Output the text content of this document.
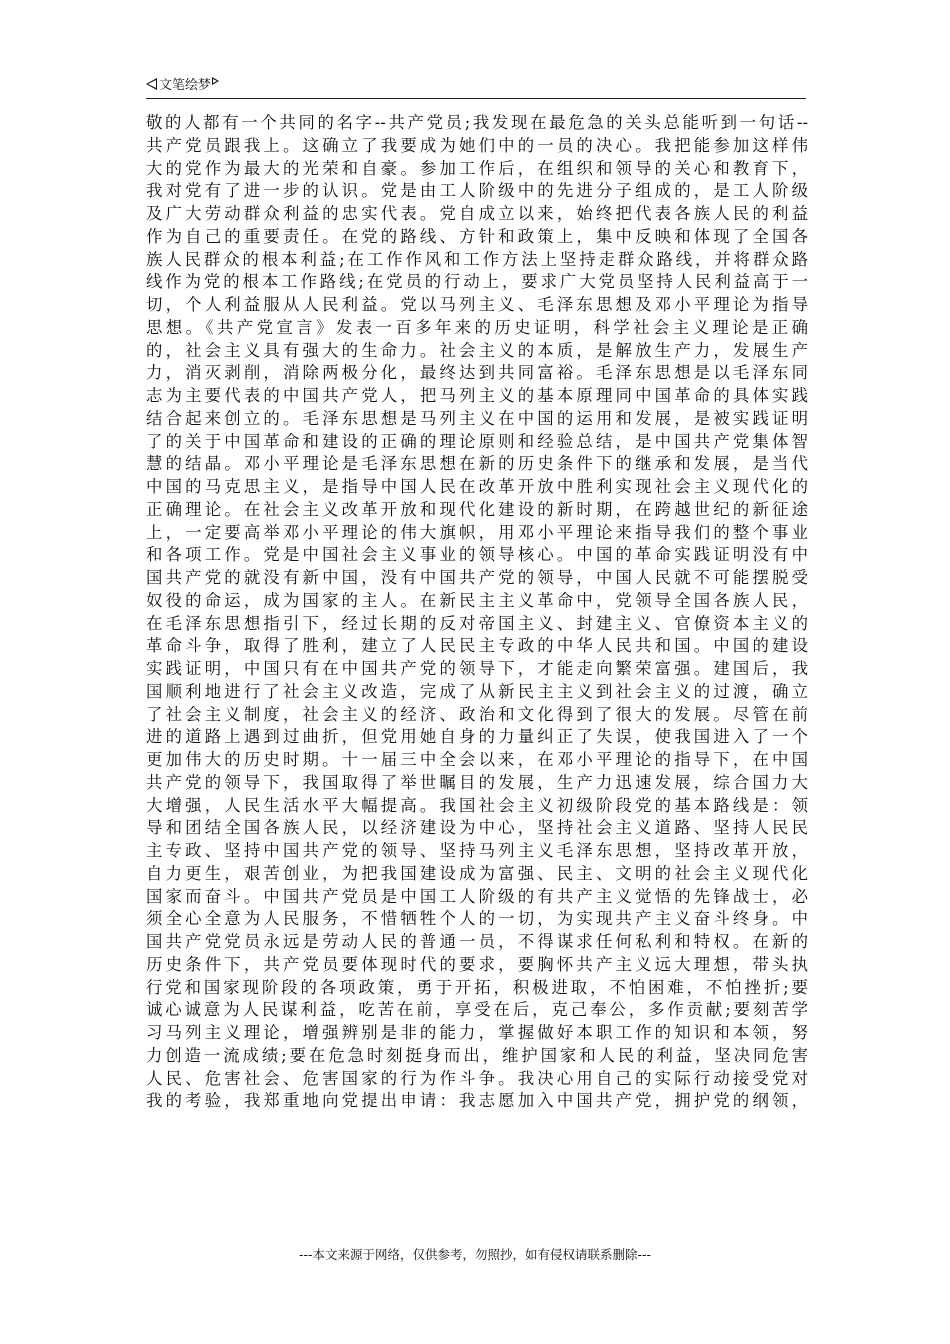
文笔绘梦
敬的人都有一个共同的名字--共产党员;我发现在最危急的关头总能听到一句话--
共产党员跟我上。这确立了我要成为她们中的一员的决心。我把能参加这样伟
大的党作为最大的光荣和自豪。参加工作后，在组织和领导的关心和教育下，
我对党有了进一步的认识。党是由工人阶级中的先进分子组成的，是工人阶级
及广大劳动群众利益的忠实代表。党自成立以来，始终把代表各族人民的利益
作为自己的重要责任。在党的路线、方针和政策上，集中反映和体现了全国各
族人民群众的根本利益;在工作作风和工作方法上坚持走群众路线，并将群众路
线作为党的根本工作路线;在党员的行动上，要求广大党员坚持人民利益高于一
切，个人利益服从人民利益。党以马列主义、毛泽东思想及邓小平理论为指导
思想。《共产党宣言》发表一百多年来的历史证明，科学社会主义理论是正确
的，社会主义具有强大的生命力。社会主义的本质，是解放生产力，发展生产
力，消灭剥削，消除两极分化，最终达到共同富裕。毛泽东思想是以毛泽东同
志为主要代表的中国共产党人，把马列主义的基本原理同中国革命的具体实践
结合起来创立的。毛泽东思想是马列主义在中国的运用和发展，是被实践证明
了的关于中国革命和建设的正确的理论原则和经验总结，是中国共产党集体智
慧的结晶。邓小平理论是毛泽东思想在新的历史条件下的继承和发展，是当代
中国的马克思主义，是指导中国人民在改革开放中胜利实现社会主义现代化的
正确理论。在社会主义改革开放和现代化建设的新时期，在跨越世纪的新征途
上，一定要高举邓小平理论的伟大旗帜，用邓小平理论来指导我们的整个事业
和各项工作。党是中国社会主义事业的领导核心。中国的革命实践证明没有中
国共产党的就没有新中国，没有中国共产党的领导，中国人民就不可能摆脱受
奴役的命运，成为国家的主人。在新民主主义革命中，党领导全国各族人民，
在毛泽东思想指引下，经过长期的反对帝国主义、封建主义、官僚资本主义的
革命斗争，取得了胜利，建立了人民民主专政的中华人民共和国。中国的建设
实践证明，中国只有在中国共产党的领导下，才能走向繁荣富强。建国后，我
国顺利地进行了社会主义改造，完成了从新民主主义到社会主义的过渡，确立
了社会主义制度，社会主义的经济、政治和文化得到了很大的发展。尽管在前
进的道路上遇到过曲折，但党用她自身的力量纠正了失误，使我国进入了一个
更加伟大的历史时期。十一届三中全会以来，在邓小平理论的指导下，在中国
共产党的领导下，我国取得了举世瞩目的发展，生产力迅速发展，综合国力大
大增强，人民生活水平大幅提高。我国社会主义初级阶段党的基本路线是：领
导和团结全国各族人民，以经济建设为中心，坚持社会主义道路、坚持人民民
主专政、坚持中国共产党的领导、坚持马列主义毛泽东思想，坚持改革开放，
自力更生，艰苦创业，为把我国建设成为富强、民主、文明的社会主义现代化
国家而奋斗。中国共产党员是中国工人阶级的有共产主义觉悟的先锋战士，必
须全心全意为人民服务，不惜牺牲个人的一切，为实现共产主义奋斗终身。中
国共产党党员永远是劳动人民的普通一员，不得谋求任何私利和特权。在新的
历史条件下，共产党员要体现时代的要求，要胸怀共产主义远大理想，带头执
行党和国家现阶段的各项政策，勇于开拓，积极进取，不怕困难，不怕挫折;要
诚心诚意为人民谋利益，吃苦在前，享受在后，克己奉公，多作贡献;要刻苦学
习马列主义理论，增强辨别是非的能力，掌握做好本职工作的知识和本领，努
力创造一流成绩;要在危急时刻挺身而出，维护国家和人民的利益，坚决同危害
人民、危害社会、危害国家的行为作斗争。我决心用自己的实际行动接受党对
我的考验，我郑重地向党提出申请：我志愿加入中国共产党，拥护党的纲领，
---本文来源于网络，仅供参考，勿照抄，如有侵权请联系删除---
